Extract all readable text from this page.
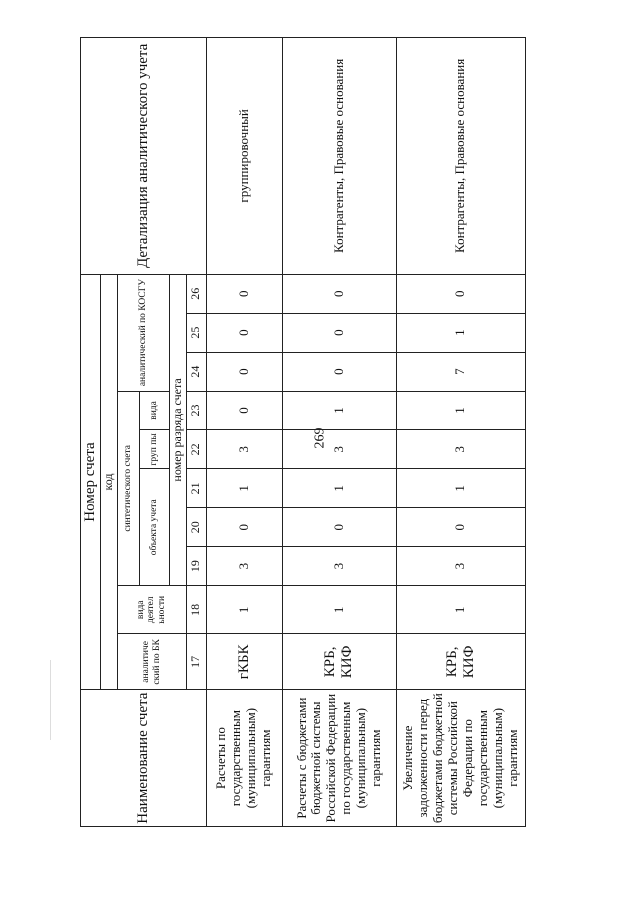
269
Наименование счета	Номер счета										Детализация аналитического учета
	код										
	аналитиче ский по БК	вида деятел ьности	синтетического счета					аналитический по КОСГУ			
			объекта учета			груп пы	вида				
			номер разряда счета								
	17	18	19	20	21	22	23	24	25	26	
Расчеты по государственным (муниципальным) гарантиям	гКБК	1	3	0	1	3	0	0	0	0	группировочный
Расчеты с бюджетами бюджетной системы Российской Федерации по государственным (муниципальным) гарантиям	КРБ, КИФ	1	3	0	1	3	1	0	0	0	Контрагенты, Правовые основания
Увеличение задолженности перед бюджетами бюджетной системы Российской Федерации по государственным (муниципальным) гарантиям	КРБ, КИФ	1	3	0	1	3	1	7	1	0	Контрагенты, Правовые основания
